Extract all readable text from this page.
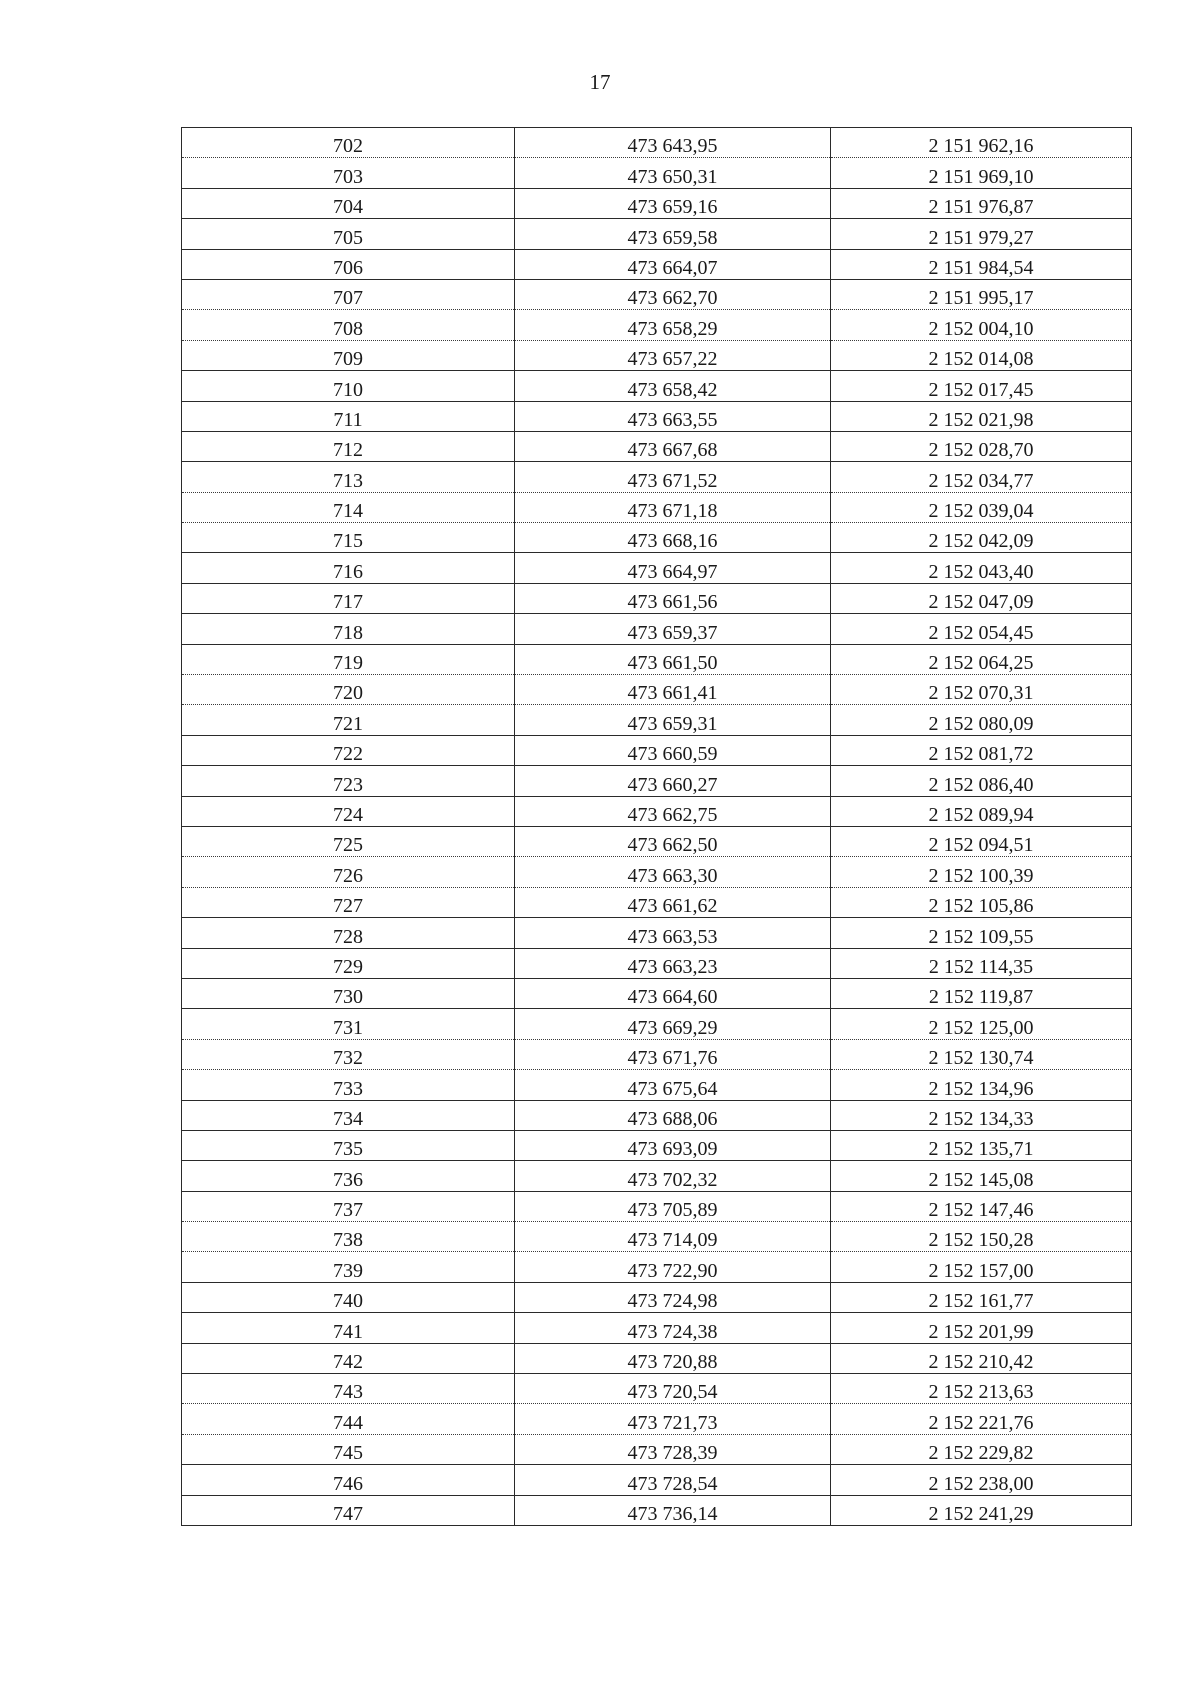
17
702	473 643,95	2 151 962,16
703	473 650,31	2 151 969,10
704	473 659,16	2 151 976,87
705	473 659,58	2 151 979,27
706	473 664,07	2 151 984,54
707	473 662,70	2 151 995,17
708	473 658,29	2 152 004,10
709	473 657,22	2 152 014,08
710	473 658,42	2 152 017,45
711	473 663,55	2 152 021,98
712	473 667,68	2 152 028,70
713	473 671,52	2 152 034,77
714	473 671,18	2 152 039,04
715	473 668,16	2 152 042,09
716	473 664,97	2 152 043,40
717	473 661,56	2 152 047,09
718	473 659,37	2 152 054,45
719	473 661,50	2 152 064,25
720	473 661,41	2 152 070,31
721	473 659,31	2 152 080,09
722	473 660,59	2 152 081,72
723	473 660,27	2 152 086,40
724	473 662,75	2 152 089,94
725	473 662,50	2 152 094,51
726	473 663,30	2 152 100,39
727	473 661,62	2 152 105,86
728	473 663,53	2 152 109,55
729	473 663,23	2 152 114,35
730	473 664,60	2 152 119,87
731	473 669,29	2 152 125,00
732	473 671,76	2 152 130,74
733	473 675,64	2 152 134,96
734	473 688,06	2 152 134,33
735	473 693,09	2 152 135,71
736	473 702,32	2 152 145,08
737	473 705,89	2 152 147,46
738	473 714,09	2 152 150,28
739	473 722,90	2 152 157,00
740	473 724,98	2 152 161,77
741	473 724,38	2 152 201,99
742	473 720,88	2 152 210,42
743	473 720,54	2 152 213,63
744	473 721,73	2 152 221,76
745	473 728,39	2 152 229,82
746	473 728,54	2 152 238,00
747	473 736,14	2 152 241,29
